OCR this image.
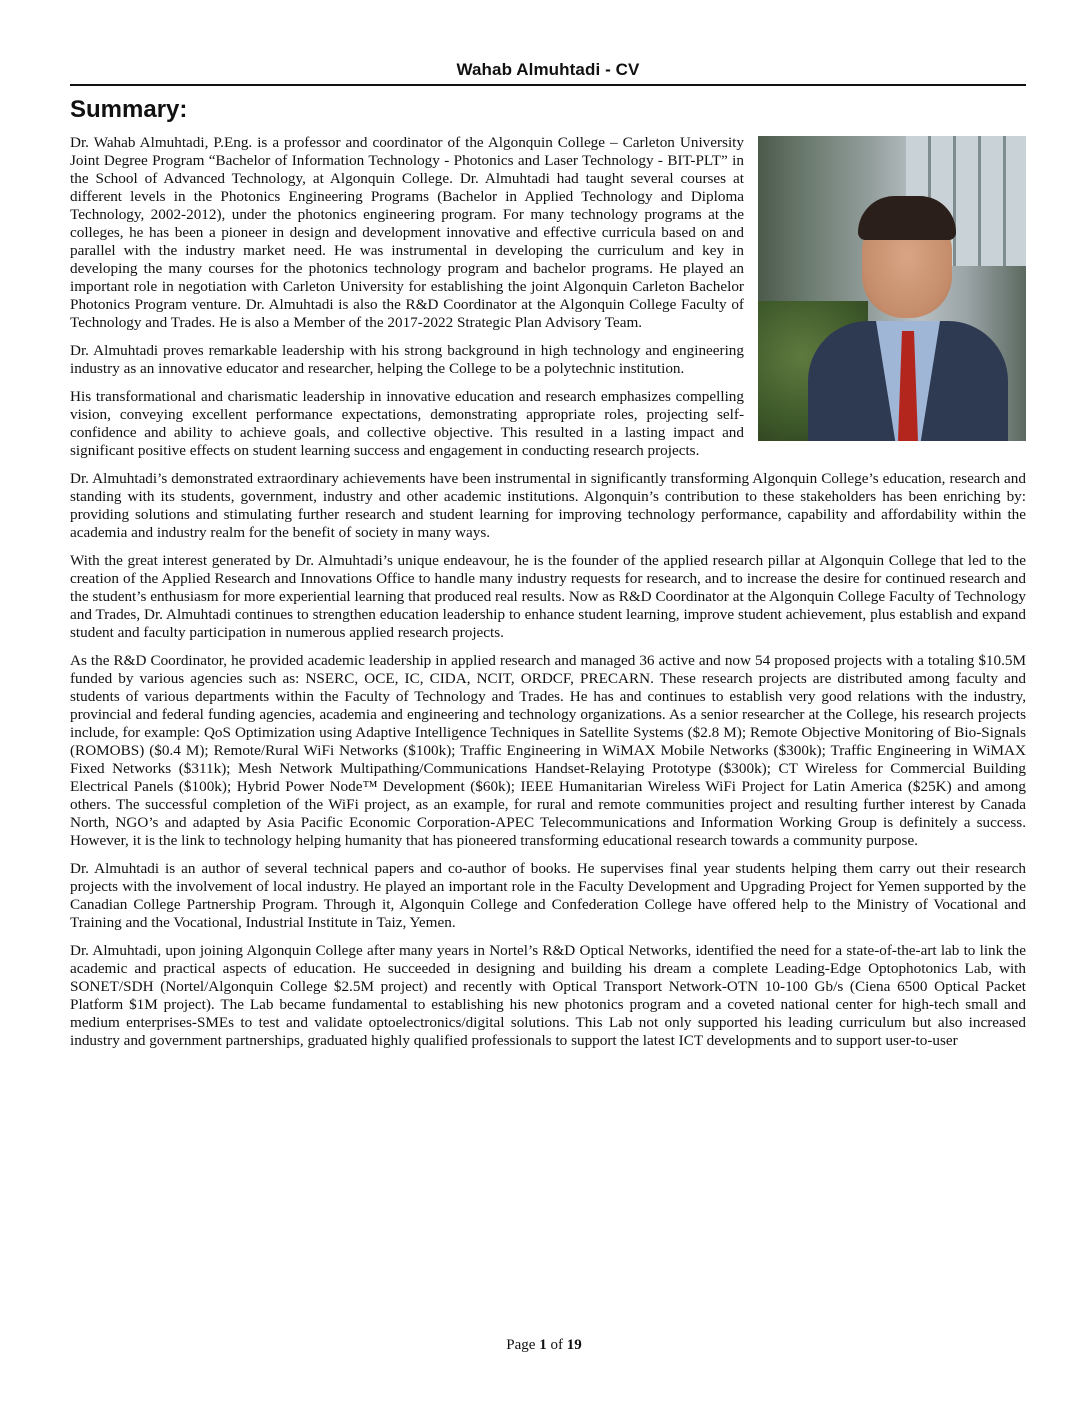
Wahab Almuhtadi - CV
Summary:

Dr. Wahab Almuhtadi, P.Eng. is a professor and coordinator of the Algonquin College – Carleton University Joint Degree Program “Bachelor of Information Technology - Photonics and Laser Technology - BIT-PLT” in the School of Advanced Technology, at Algonquin College. Dr. Almuhtadi had taught several courses at different levels in the Photonics Engineering Programs (Bachelor in Applied Technology and Diploma Technology, 2002-2012), under the photonics engineering program. For many technology programs at the colleges, he has been a pioneer in design and development innovative and effective curricula based on and parallel with the industry market need. He was instrumental in developing the curriculum and key in developing the many courses for the photonics technology program and bachelor programs. He played an important role in negotiation with Carleton University for establishing the joint Algonquin Carleton Bachelor Photonics Program venture. Dr. Almuhtadi is also the R&D Coordinator at the Algonquin College Faculty of Technology and Trades. He is also a Member of the 2017-2022 Strategic Plan Advisory Team.

Dr. Almuhtadi proves remarkable leadership with his strong background in high technology and engineering industry as an innovative educator and researcher, helping the College to be a polytechnic institution.

His transformational and charismatic leadership in innovative education and research emphasizes compelling vision, conveying excellent performance expectations, demonstrating appropriate roles, projecting self-confidence and ability to achieve goals, and collective objective. This resulted in a lasting impact and significant positive effects on student learning success and engagement in conducting research projects.

Dr. Almuhtadi’s demonstrated extraordinary achievements have been instrumental in significantly transforming Algonquin College’s education, research and standing with its students, government, industry and other academic institutions. Algonquin’s contribution to these stakeholders has been enriching by: providing solutions and stimulating further research and student learning for improving technology performance, capability and affordability within the academia and industry realm for the benefit of society in many ways.

With the great interest generated by Dr. Almuhtadi’s unique endeavour, he is the founder of the applied research pillar at Algonquin College that led to the creation of the Applied Research and Innovations Office to handle many industry requests for research, and to increase the desire for continued research and the student’s enthusiasm for more experiential learning that produced real results. Now as R&D Coordinator at the Algonquin College Faculty of Technology and Trades, Dr. Almuhtadi continues to strengthen education leadership to enhance student learning, improve student achievement, plus establish and expand student and faculty participation in numerous applied research projects.

As the R&D Coordinator, he provided academic leadership in applied research and managed 36 active and now 54 proposed projects with a totaling $10.5M funded by various agencies such as: NSERC, OCE, IC, CIDA, NCIT, ORDCF, PRECARN. These research projects are distributed among faculty and students of various departments within the Faculty of Technology and Trades. He has and continues to establish very good relations with the industry, provincial and federal funding agencies, academia and engineering and technology organizations. As a senior researcher at the College, his research projects include, for example: QoS Optimization using Adaptive Intelligence Techniques in Satellite Systems ($2.8 M); Remote Objective Monitoring of Bio-Signals (ROMOBS) ($0.4 M); Remote/Rural WiFi Networks ($100k); Traffic Engineering in WiMAX Mobile Networks ($300k); Traffic Engineering in WiMAX Fixed Networks ($311k); Mesh Network Multipathing/Communications Handset-Relaying Prototype ($300k); CT Wireless for Commercial Building Electrical Panels ($100k); Hybrid Power Node™ Development ($60k); IEEE Humanitarian Wireless WiFi Project for Latin America ($25K) and among others. The successful completion of the WiFi project, as an example, for rural and remote communities project and resulting further interest by Canada North, NGO’s and adapted by Asia Pacific Economic Corporation-APEC Telecommunications and Information Working Group is definitely a success. However, it is the link to technology helping humanity that has pioneered transforming educational research towards a community purpose.

Dr. Almuhtadi is an author of several technical papers and co-author of books. He supervises final year students helping them carry out their research projects with the involvement of local industry. He played an important role in the Faculty Development and Upgrading Project for Yemen supported by the Canadian College Partnership Program. Through it, Algonquin College and Confederation College have offered help to the Ministry of Vocational and Training and the Vocational, Industrial Institute in Taiz, Yemen.

Dr. Almuhtadi, upon joining Algonquin College after many years in Nortel’s R&D Optical Networks, identified the need for a state-of-the-art lab to link the academic and practical aspects of education. He succeeded in designing and building his dream a complete Leading-Edge Optophotonics Lab, with SONET/SDH (Nortel/Algonquin College $2.5M project) and recently with Optical Transport Network-OTN 10-100 Gb/s (Ciena 6500 Optical Packet Platform $1M project). The Lab became fundamental to establishing his new photonics program and a coveted national center for high-tech small and medium enterprises-SMEs to test and validate optoelectronics/digital solutions. This Lab not only supported his leading curriculum but also increased industry and government partnerships, graduated highly qualified professionals to support the latest ICT developments and to support user-to-user

Page 1 of 19
